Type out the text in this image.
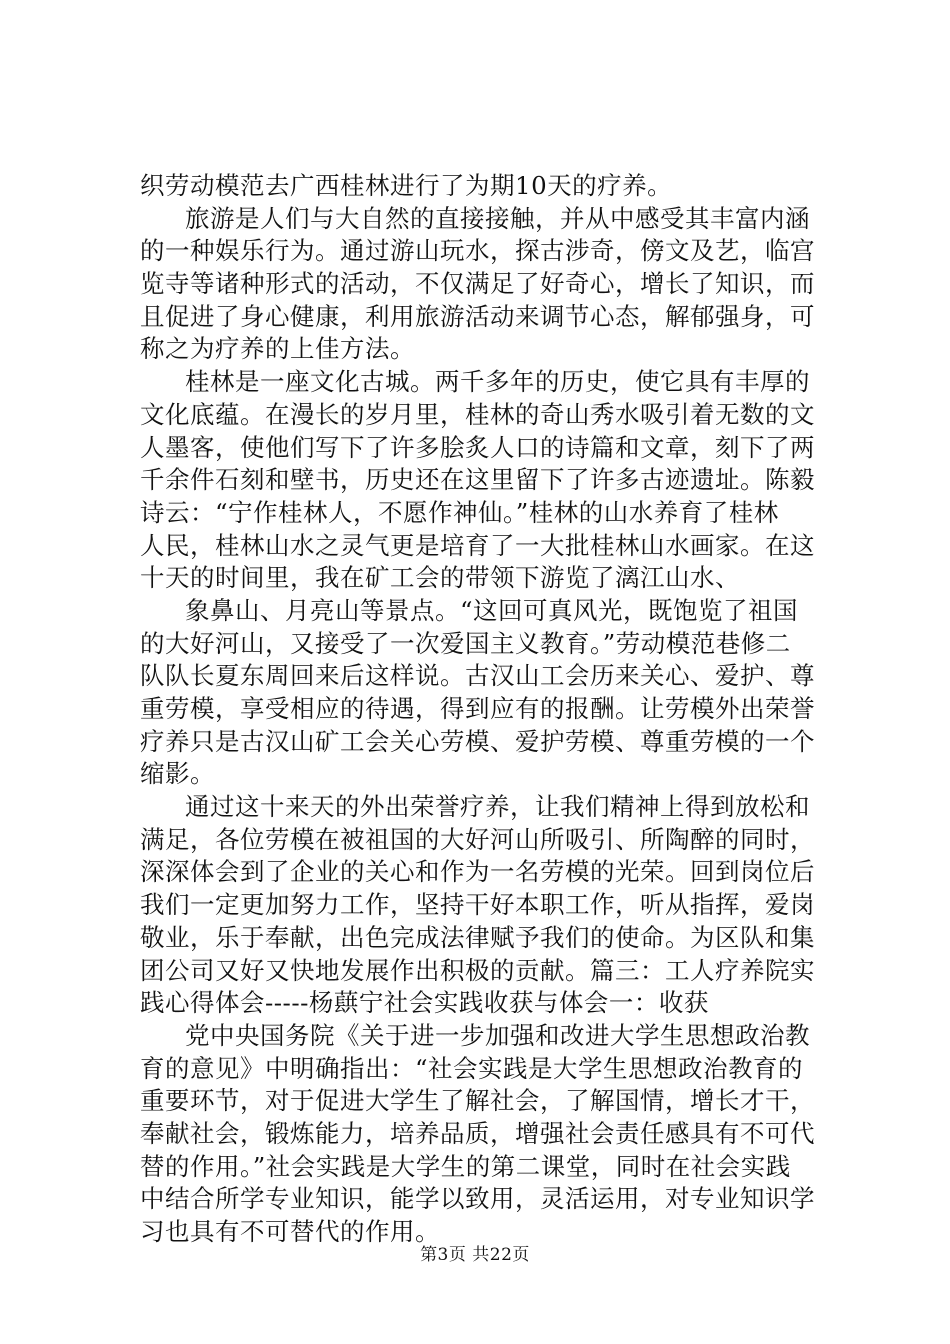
织劳动模范去广西桂林进行了为期10天的疗养。
旅游是人们与大自然的直接接触，并从中感受其丰富内涵
的一种娱乐行为。通过游山玩水，探古涉奇，傍文及艺，临宫
览寺等诸种形式的活动，不仅满足了好奇心，增长了知识，而
且促进了身心健康，利用旅游活动来调节心态，解郁强身，可
称之为疗养的上佳方法。
桂林是一座文化古城。两千多年的历史，使它具有丰厚的
文化底蕴。在漫长的岁月里，桂林的奇山秀水吸引着无数的文
人墨客，使他们写下了许多脍炙人口的诗篇和文章，刻下了两
千余件石刻和壁书，历史还在这里留下了许多古迹遗址。陈毅
诗云：“宁作桂林人，不愿作神仙。”桂林的山水养育了桂林
人民，桂林山水之灵气更是培育了一大批桂林山水画家。在这
十天的时间里，我在矿工会的带领下游览了漓江山水、
象鼻山、月亮山等景点。“这回可真风光，既饱览了祖国
的大好河山，又接受了一次爱国主义教育。”劳动模范巷修二
队队长夏东周回来后这样说。古汉山工会历来关心、爱护、尊
重劳模，享受相应的待遇，得到应有的报酬。让劳模外出荣誉
疗养只是古汉山矿工会关心劳模、爱护劳模、尊重劳模的一个
缩影。
通过这十来天的外出荣誉疗养，让我们精神上得到放松和
满足，各位劳模在被祖国的大好河山所吸引、所陶醉的同时，
深深体会到了企业的关心和作为一名劳模的光荣。回到岗位后
我们一定更加努力工作，坚持干好本职工作，听从指挥，爱岗
敬业，乐于奉献，出色完成法律赋予我们的使命。为区队和集
团公司又好又快地发展作出积极的贡献。篇三：工人疗养院实
践心得体会-----杨蕻宁社会实践收获与体会一：收获
党中央国务院《关于进一步加强和改进大学生思想政治教
育的意见》中明确指出：“社会实践是大学生思想政治教育的
重要环节，对于促进大学生了解社会，了解国情，增长才干，
奉献社会，锻炼能力，培养品质，增强社会责任感具有不可代
替的作用。”社会实践是大学生的第二课堂，同时在社会实践
中结合所学专业知识，能学以致用，灵活运用，对专业知识学
习也具有不可替代的作用。
第3页 共22页
